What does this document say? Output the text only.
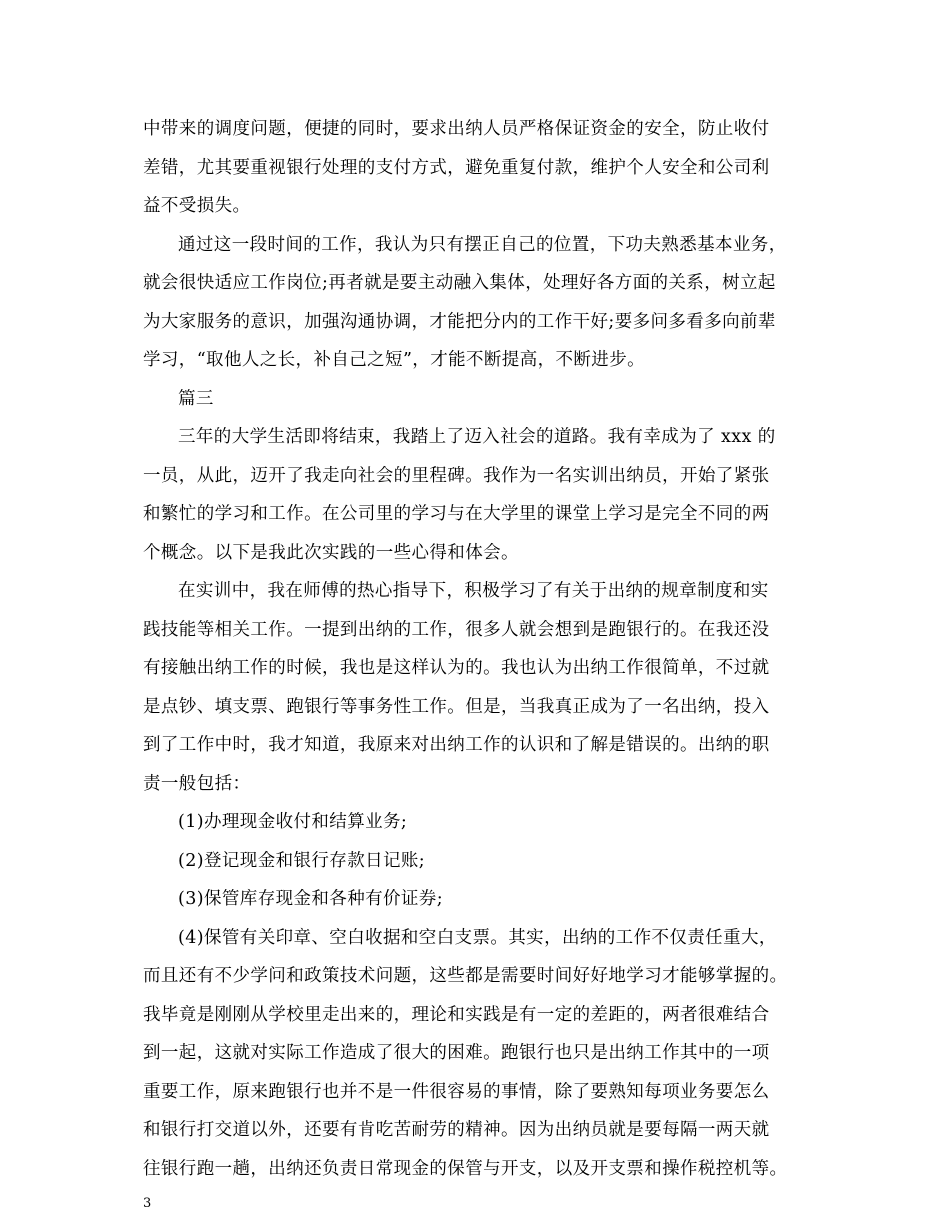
中带来的调度问题，便捷的同时，要求出纳人员严格保证资金的安全，防止收付
差错，尤其要重视银行处理的支付方式，避免重复付款，维护个人安全和公司利
益不受损失。
通过这一段时间的工作，我认为只有摆正自己的位置，下功夫熟悉基本业务，
就会很快适应工作岗位;再者就是要主动融入集体，处理好各方面的关系，树立起
为大家服务的意识，加强沟通协调，才能把分内的工作干好;要多问多看多向前辈
学习，“取他人之长，补自己之短”，才能不断提高，不断进步。
篇三
三年的大学生活即将结束，我踏上了迈入社会的道路。我有幸成为了 xxx 的
一员，从此，迈开了我走向社会的里程碑。我作为一名实训出纳员，开始了紧张
和繁忙的学习和工作。在公司里的学习与在大学里的课堂上学习是完全不同的两
个概念。以下是我此次实践的一些心得和体会。
在实训中，我在师傅的热心指导下，积极学习了有关于出纳的规章制度和实
践技能等相关工作。一提到出纳的工作，很多人就会想到是跑银行的。在我还没
有接触出纳工作的时候，我也是这样认为的。我也认为出纳工作很简单，不过就
是点钞、填支票、跑银行等事务性工作。但是，当我真正成为了一名出纳，投入
到了工作中时，我才知道，我原来对出纳工作的认识和了解是错误的。出纳的职
责一般包括：
(1)办理现金收付和结算业务;
(2)登记现金和银行存款日记账;
(3)保管库存现金和各种有价证券;
(4)保管有关印章、空白收据和空白支票。其实，出纳的工作不仅责任重大，
而且还有不少学问和政策技术问题，这些都是需要时间好好地学习才能够掌握的。
我毕竟是刚刚从学校里走出来的，理论和实践是有一定的差距的，两者很难结合
到一起，这就对实际工作造成了很大的困难。跑银行也只是出纳工作其中的一项
重要工作，原来跑银行也并不是一件很容易的事情，除了要熟知每项业务要怎么
和银行打交道以外，还要有肯吃苦耐劳的精神。因为出纳员就是要每隔一两天就
往银行跑一趟，出纳还负责日常现金的保管与开支，以及开支票和操作税控机等。
3
